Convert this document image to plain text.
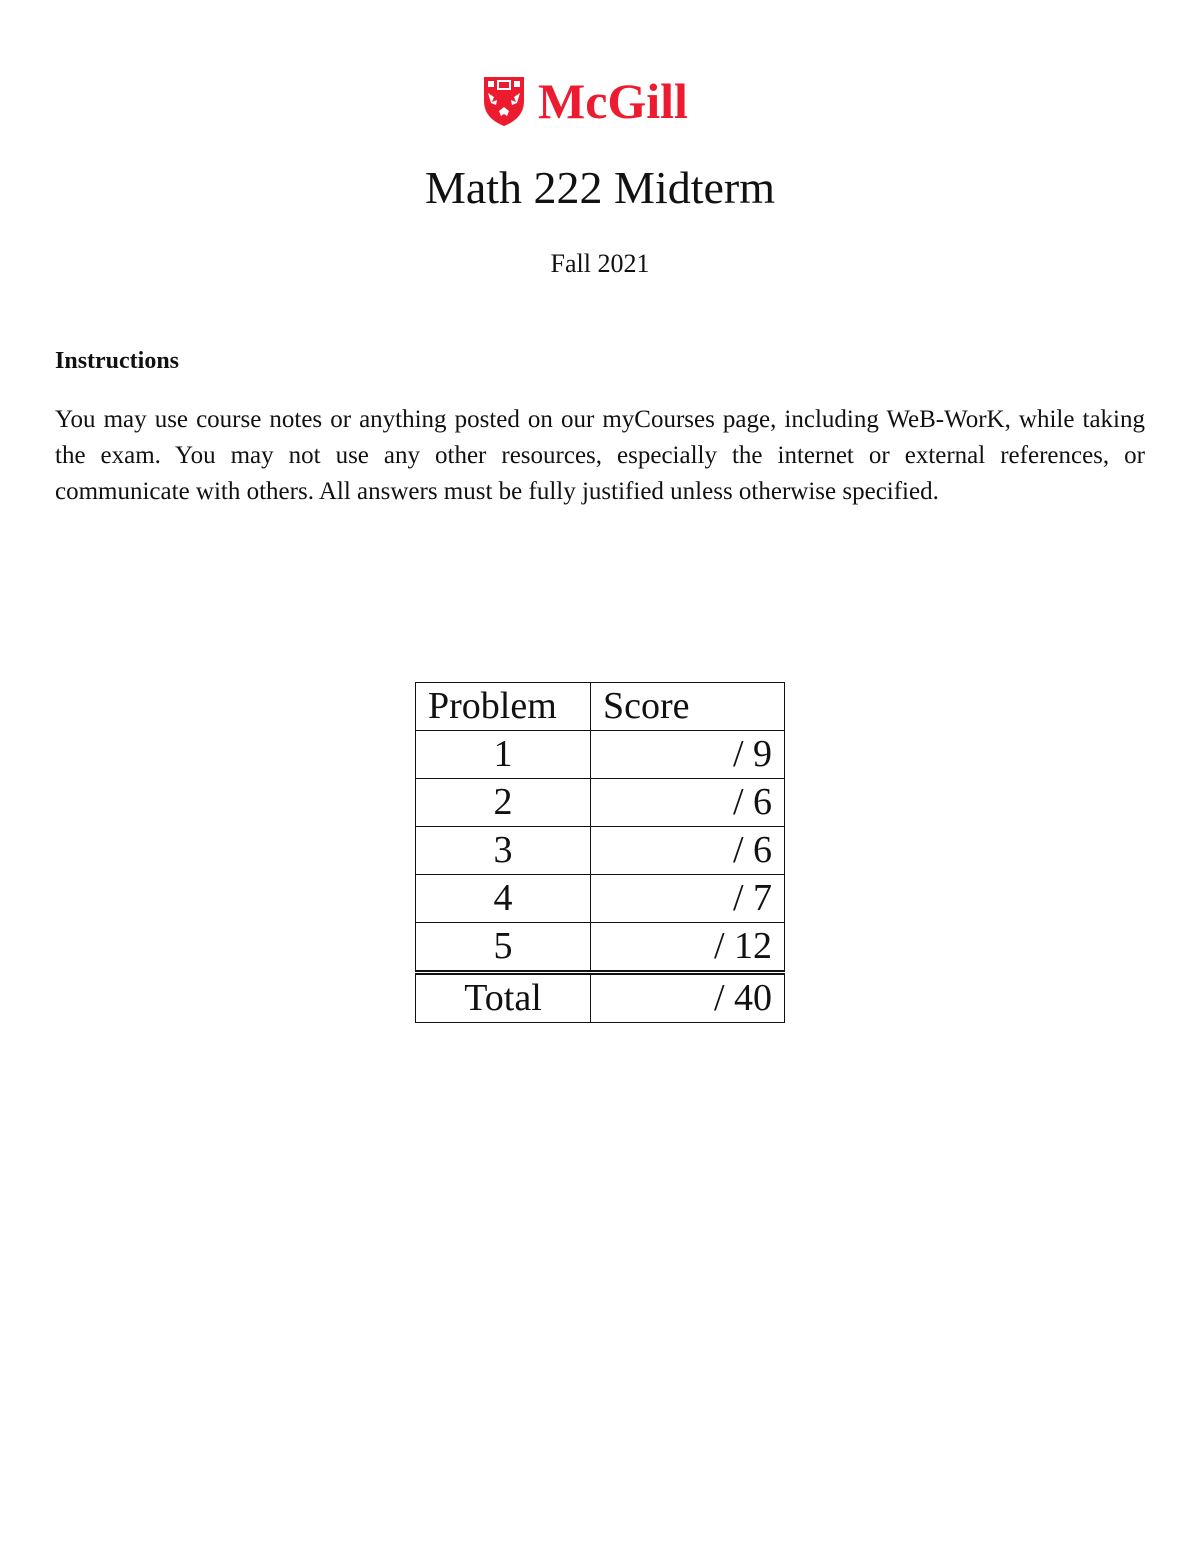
McGill
Math 222 Midterm
Fall 2021
Instructions
You may use course notes or anything posted on our myCourses page, including WeB-WorK, while taking the exam. You may not use any other resources, especially the internet or external references, or communicate with others. All answers must be fully justified unless otherwise specified.
Problem	Score
1	/ 9
2	/ 6
3	/ 6
4	/ 7
5	/ 12
Total	/ 40
